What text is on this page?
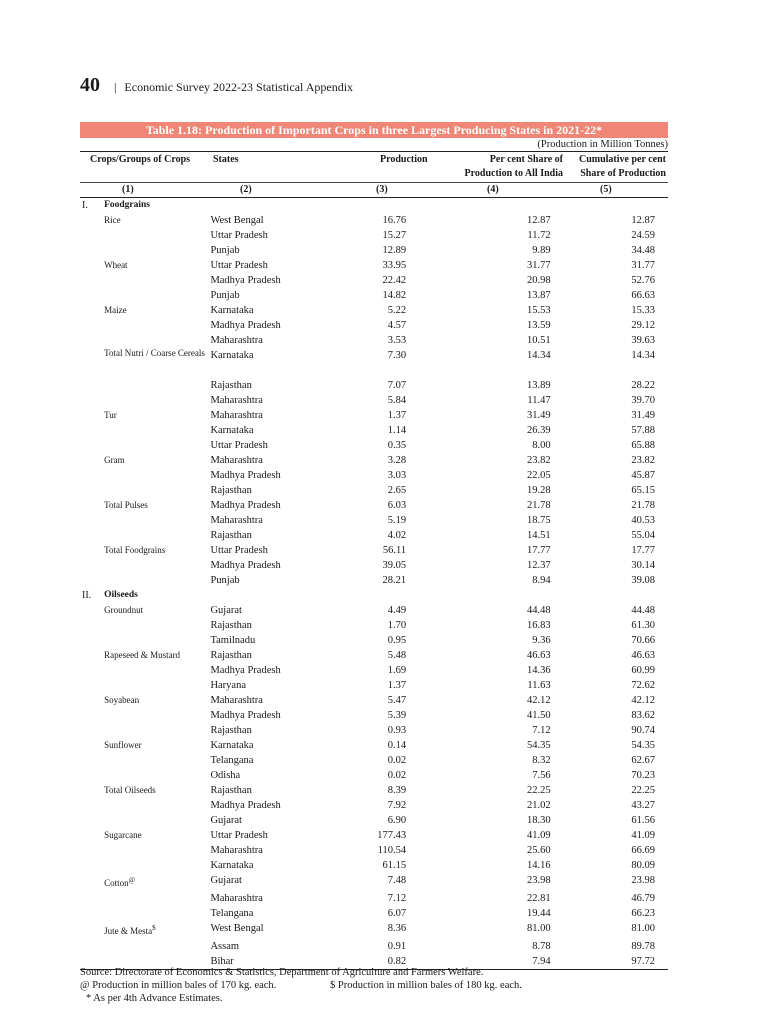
40 | Economic Survey 2022-23 Statistical Appendix
Table 1.18: Production of Important Crops in three Largest Producing States in 2021-22*
(Production in Million Tonnes)
Crops/Groups of Crops States	Production	Per cent Share of
Production to All India
Cumulative per cent
Share of Production
(1)	(2)	(3)	(4)	(5)
I.	Foodgrains				
	Rice	West Bengal	16.76	12.87	12.87
		Uttar Pradesh	15.27	11.72	24.59
		Punjab	12.89	9.89	34.48
	Wheat	Uttar Pradesh	33.95	31.77	31.77
		Madhya Pradesh	22.42	20.98	52.76
		Punjab	14.82	13.87	66.63
	Maize	Karnataka	5.22	15.53	15.33
		Madhya Pradesh	4.57	13.59	29.12
		Maharashtra	3.53	10.51	39.63
	Total Nutri / Coarse Cereals	Karnataka	7.30	14.34	14.34
		Rajasthan	7.07	13.89	28.22
		Maharashtra	5.84	11.47	39.70
	Tur	Maharashtra	1.37	31.49	31.49
		Karnataka	1.14	26.39	57.88
		Uttar Pradesh	0.35	8.00	65.88
	Gram	Maharashtra	3.28	23.82	23.82
		Madhya Pradesh	3.03	22.05	45.87
		Rajasthan	2.65	19.28	65.15
	Total Pulses	Madhya Pradesh	6.03	21.78	21.78
		Maharashtra	5.19	18.75	40.53
		Rajasthan	4.02	14.51	55.04
	Total Foodgrains	Uttar Pradesh	56.11	17.77	17.77
		Madhya Pradesh	39.05	12.37	30.14
		Punjab	28.21	8.94	39.08
II.	Oilseeds				
	Groundnut	Gujarat	4.49	44.48	44.48
		Rajasthan	1.70	16.83	61.30
		Tamilnadu	0.95	9.36	70.66
	Rapeseed & Mustard	Rajasthan	5.48	46.63	46.63
		Madhya Pradesh	1.69	14.36	60.99
		Haryana	1.37	11.63	72.62
	Soyabean	Maharashtra	5.47	42.12	42.12
		Madhya Pradesh	5.39	41.50	83.62
		Rajasthan	0.93	7.12	90.74
	Sunflower	Karnataka	0.14	54.35	54.35
		Telangana	0.02	8.32	62.67
		Odisha	0.02	7.56	70.23
	Total Oilseeds	Rajasthan	8.39	22.25	22.25
		Madhya Pradesh	7.92	21.02	43.27
		Gujarat	6.90	18.30	61.56
	Sugarcane	Uttar Pradesh	177.43	41.09	41.09
		Maharashtra	110.54	25.60	66.69
		Karnataka	61.15	14.16	80.09
	Cotton@	Gujarat	7.48	23.98	23.98
		Maharashtra	7.12	22.81	46.79
		Telangana	6.07	19.44	66.23
	Jute & Mesta$	West Bengal	8.36	81.00	81.00
		Assam	0.91	8.78	89.78
		Bihar	0.82	7.94	97.72
Source: Directorate of Economics & Statistics, Department of Agriculture and Farmers Welfare.
@ Production in million bales of 170 kg. each.	$ Production in million bales of 180 kg. each.
* As per 4th Advance Estimates.
